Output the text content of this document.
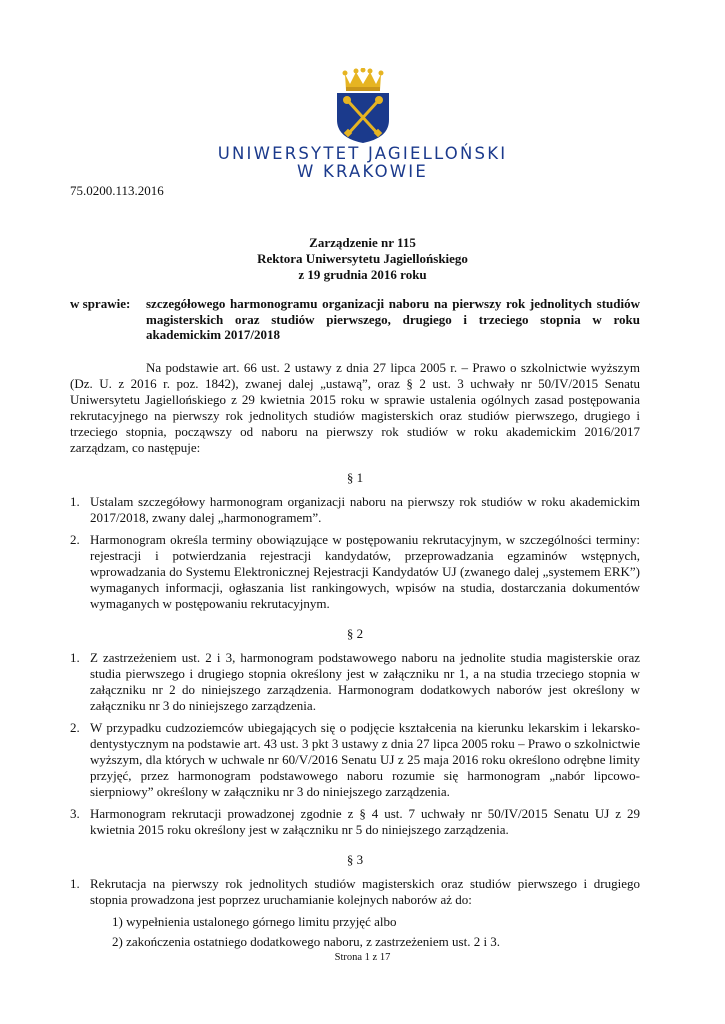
UNIWERSYTET JAGIELLOŃSKI
W KRAKOWIE
75.0200.113.2016
Zarządzenie nr 115
Rektora Uniwersytetu Jagiellońskiego
z 19 grudnia 2016 roku
w sprawie: szczegółowego harmonogramu organizacji naboru na pierwszy rok jednolitych studiów magisterskich oraz studiów pierwszego, drugiego i trzeciego stopnia w roku akademickim 2017/2018

Na podstawie art. 66 ust. 2 ustawy z dnia 27 lipca 2005 r. – Prawo o szkolnictwie wyższym (Dz. U. z 2016 r. poz. 1842), zwanej dalej „ustawą”, oraz § 2 ust. 3 uchwały nr 50/IV/2015 Senatu Uniwersytetu Jagiellońskiego z 29 kwietnia 2015 roku w sprawie ustalenia ogólnych zasad postępowania rekrutacyjnego na pierwszy rok jednolitych studiów magisterskich oraz studiów pierwszego, drugiego i trzeciego stopnia, począwszy od naboru na pierwszy rok studiów w roku akademickim 2016/2017 zarządzam, co następuje:

§ 1
1. Ustalam szczegółowy harmonogram organizacji naboru na pierwszy rok studiów w roku akademickim 2017/2018, zwany dalej „harmonogramem”.
2. Harmonogram określa terminy obowiązujące w postępowaniu rekrutacyjnym, w szczególności terminy: rejestracji i potwierdzania rejestracji kandydatów, przeprowadzania egzaminów wstępnych, wprowadzania do Systemu Elektronicznej Rejestracji Kandydatów UJ (zwanego dalej „systemem ERK”) wymaganych informacji, ogłaszania list rankingowych, wpisów na studia, dostarczania dokumentów wymaganych w postępowaniu rekrutacyjnym.
§ 2
1. Z zastrzeżeniem ust. 2 i 3, harmonogram podstawowego naboru na jednolite studia magisterskie oraz studia pierwszego i drugiego stopnia określony jest w załączniku nr 1, a na studia trzeciego stopnia w załączniku nr 2 do niniejszego zarządzenia. Harmonogram dodatkowych naborów jest określony w załączniku nr 3 do niniejszego zarządzenia.
2. W przypadku cudzoziemców ubiegających się o podjęcie kształcenia na kierunku lekarskim i lekarsko-dentystycznym na podstawie art. 43 ust. 3 pkt 3 ustawy z dnia 27 lipca 2005 roku – Prawo o szkolnictwie wyższym, dla których w uchwale nr 60/V/2016 Senatu UJ z 25 maja 2016 roku określono odrębne limity przyjęć, przez harmonogram podstawowego naboru rozumie się harmonogram „nabór lipcowo-sierpniowy” określony w załączniku nr 3 do niniejszego zarządzenia.
3. Harmonogram rekrutacji prowadzonej zgodnie z § 4 ust. 7 uchwały nr 50/IV/2015 Senatu UJ z 29 kwietnia 2015 roku określony jest w załączniku nr 5 do niniejszego zarządzenia.
§ 3
1. Rekrutacja na pierwszy rok jednolitych studiów magisterskich oraz studiów pierwszego i drugiego stopnia prowadzona jest poprzez uruchamianie kolejnych naborów aż do:
1) wypełnienia ustalonego górnego limitu przyjęć albo
2) zakończenia ostatniego dodatkowego naboru, z zastrzeżeniem ust. 2 i 3.
Strona 1 z 17
